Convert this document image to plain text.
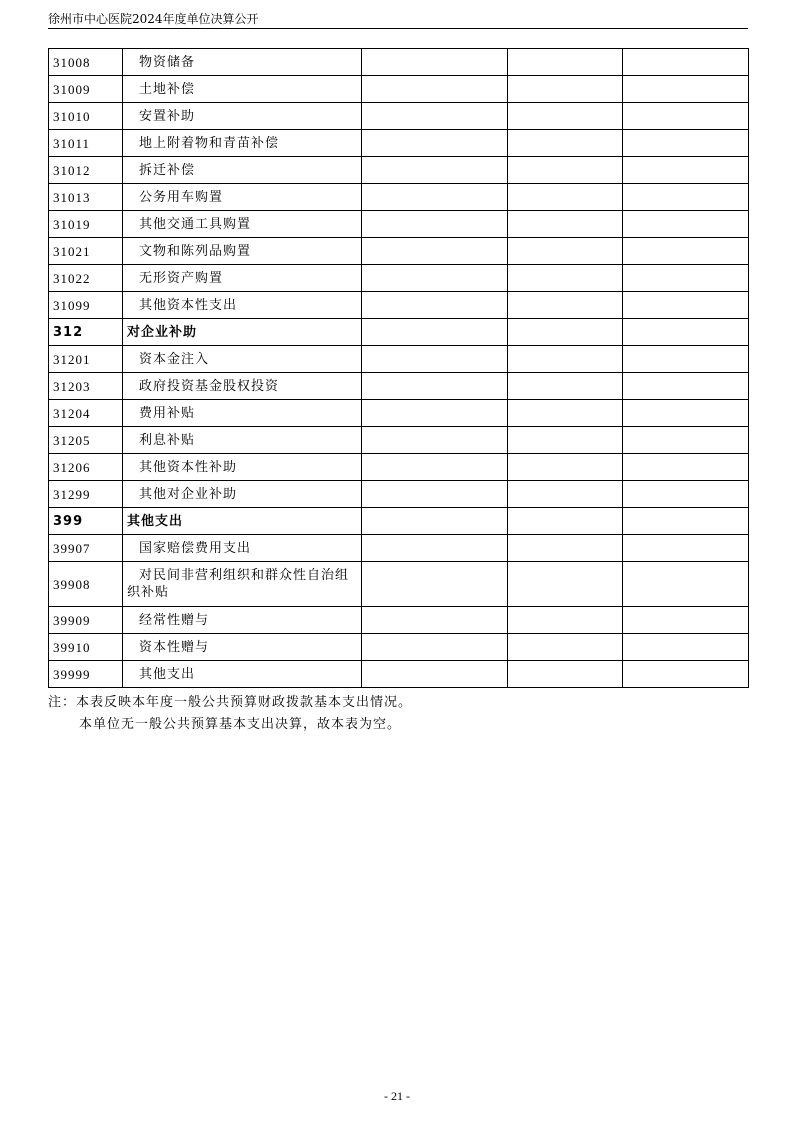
徐州市中心医院2024年度单位决算公开
31008	物资储备			
31009	土地补偿			
31010	安置补助			
31011	地上附着物和青苗补偿			
31012	拆迁补偿			
31013	公务用车购置			
31019	其他交通工具购置			
31021	文物和陈列品购置			
31022	无形资产购置			
31099	其他资本性支出			
312	对企业补助			
31201	资本金注入			
31203	政府投资基金股权投资			
31204	费用补贴			
31205	利息补贴			
31206	其他资本性补助			
31299	其他对企业补助			
399	其他支出			
39907	国家赔偿费用支出			
39908	对民间非营利组织和群众性自治组织补贴			
39909	经常性赠与			
39910	资本性赠与			
39999	其他支出			
注：本表反映本年度一般公共预算财政拨款基本支出情况。
本单位无一般公共预算基本支出决算，故本表为空。
- 21 -
